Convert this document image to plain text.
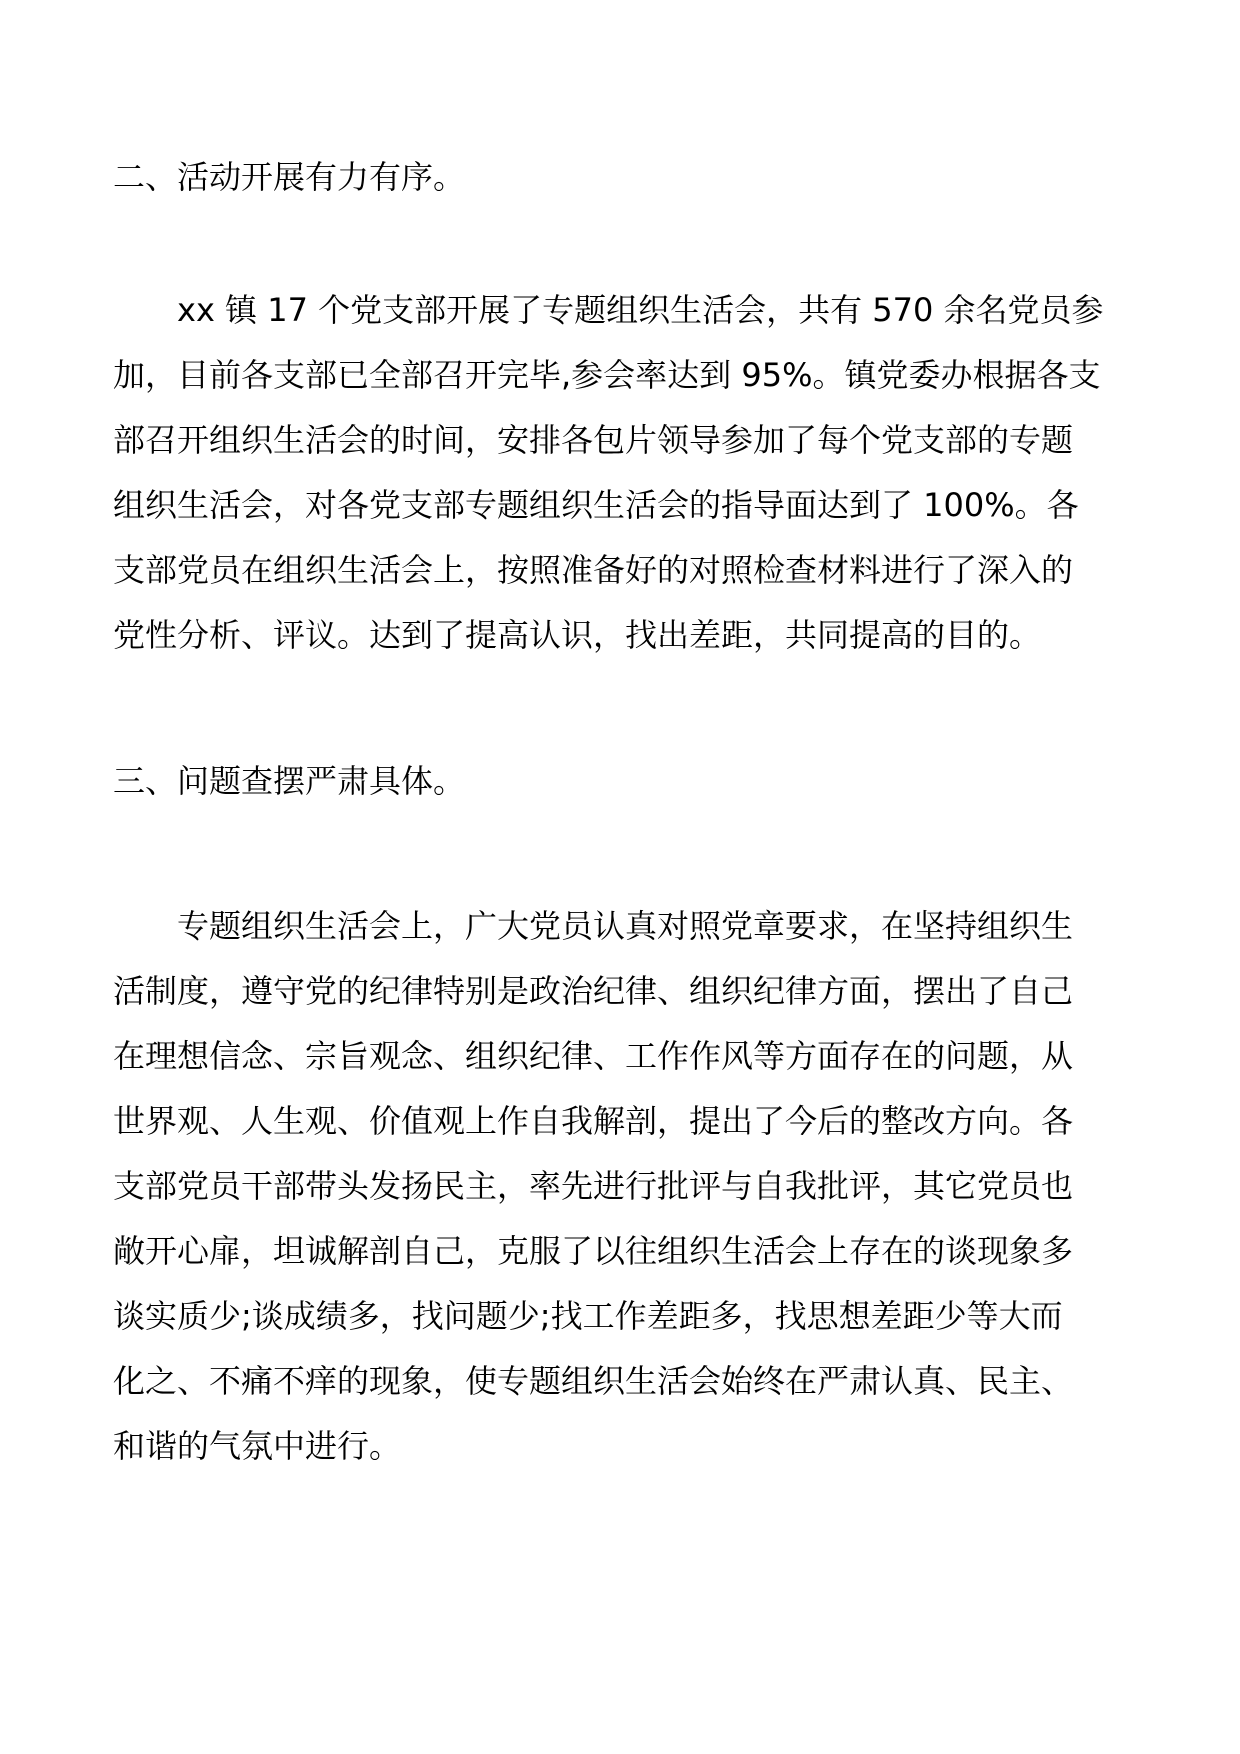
二、活动开展有力有序。
xx 镇 17 个党支部开展了专题组织生活会，共有 570 余名党员参
加，目前各支部已全部召开完毕,参会率达到 95%。镇党委办根据各支
部召开组织生活会的时间，安排各包片领导参加了每个党支部的专题
组织生活会，对各党支部专题组织生活会的指导面达到了 100%。各
支部党员在组织生活会上，按照准备好的对照检查材料进行了深入的
党性分析、评议。达到了提高认识，找出差距，共同提高的目的。
三、问题查摆严肃具体。
专题组织生活会上，广大党员认真对照党章要求，在坚持组织生
活制度，遵守党的纪律特别是政治纪律、组织纪律方面，摆出了自己
在理想信念、宗旨观念、组织纪律、工作作风等方面存在的问题，从
世界观、人生观、价值观上作自我解剖，提出了今后的整改方向。各
支部党员干部带头发扬民主，率先进行批评与自我批评，其它党员也
敞开心扉，坦诚解剖自己，克服了以往组织生活会上存在的谈现象多
谈实质少;谈成绩多，找问题少;找工作差距多，找思想差距少等大而
化之、不痛不痒的现象，使专题组织生活会始终在严肃认真、民主、
和谐的气氛中进行。
